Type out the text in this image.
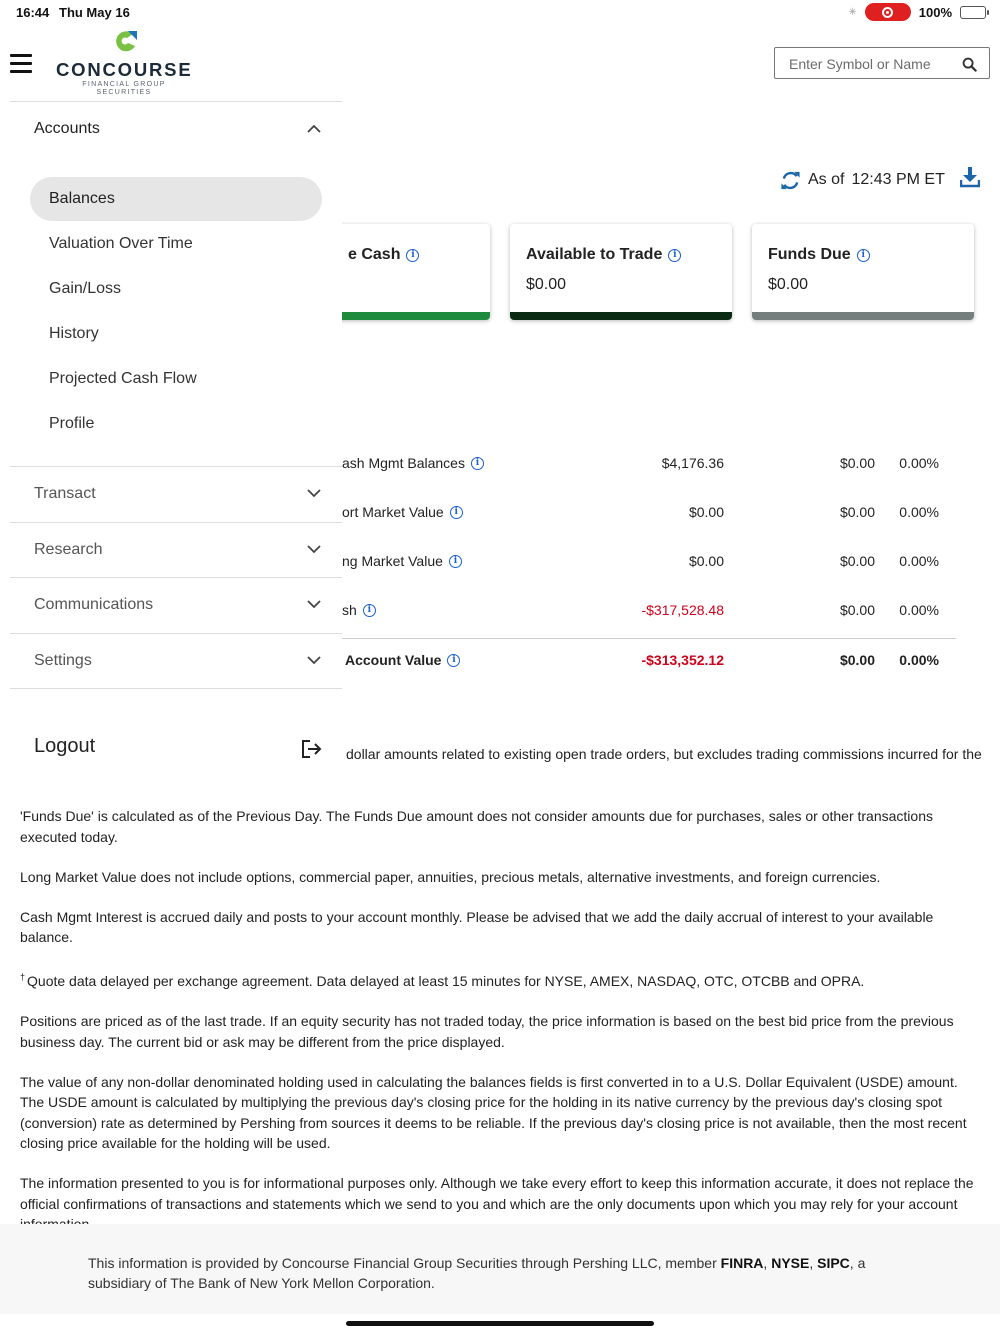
16:44 Thu May 16	✳	100%
CONCOURSE
FINANCIAL GROUP
SECURITIES
Enter Symbol or Name
As of 12:43 PM ET
e Cash	i	Available to Trade	i
$0.00
Funds Due	i
$0.00
ash Mgmt Balances	i	$4,176.36	$0.00 0.00%
ort Market Value	i	$0.00	$0.00 0.00%
ng Market Value	i	$0.00	$0.00 0.00%
sh	i	-$317,528.48	$0.00 0.00%
Account Value	i	-$313,352.12	$0.00 0.00%
dollar amounts related to existing open trade orders, but excludes trading commissions incurred for the

'Funds Due' is calculated as of the Previous Day. The Funds Due amount does not consider amounts due for purchases, sales or other transactions executed today.

Long Market Value does not include options, commercial paper, annuities, precious metals, alternative investments, and foreign currencies.

Cash Mgmt Interest is accrued daily and posts to your account monthly. Please be advised that we add the daily accrual of interest to your available balance.

† Quote data delayed per exchange agreement. Data delayed at least 15 minutes for NYSE, AMEX, NASDAQ, OTC, OTCBB and OPRA.

Positions are priced as of the last trade. If an equity security has not traded today, the price information is based on the best bid price from the previous business day. The current bid or ask may be different from the price displayed.

The value of any non-dollar denominated holding used in calculating the balances fields is first converted in to a U.S. Dollar Equivalent (USDE) amount. The USDE amount is calculated by multiplying the previous day's closing price for the holding in its native currency by the previous day's closing spot (conversion) rate as determined by Pershing from sources it deems to be reliable. If the previous day's closing price is not available, then the most recent closing price available for the holding will be used.

The information presented to you is for informational purposes only. Although we take every effort to keep this information accurate, it does not replace the official confirmations of transactions and statements which we send to you and which are the only documents upon which you may rely for your account

This information is provided by Concourse Financial Group Securities through Pershing LLC, member FINRA, NYSE, SIPC, a subsidiary of The Bank of New York Mellon Corporation.
Accounts
Balances
Valuation Over Time
Gain/Loss
History
Projected Cash Flow
Profile
Transact
Research
Communications
Settings
Logout
